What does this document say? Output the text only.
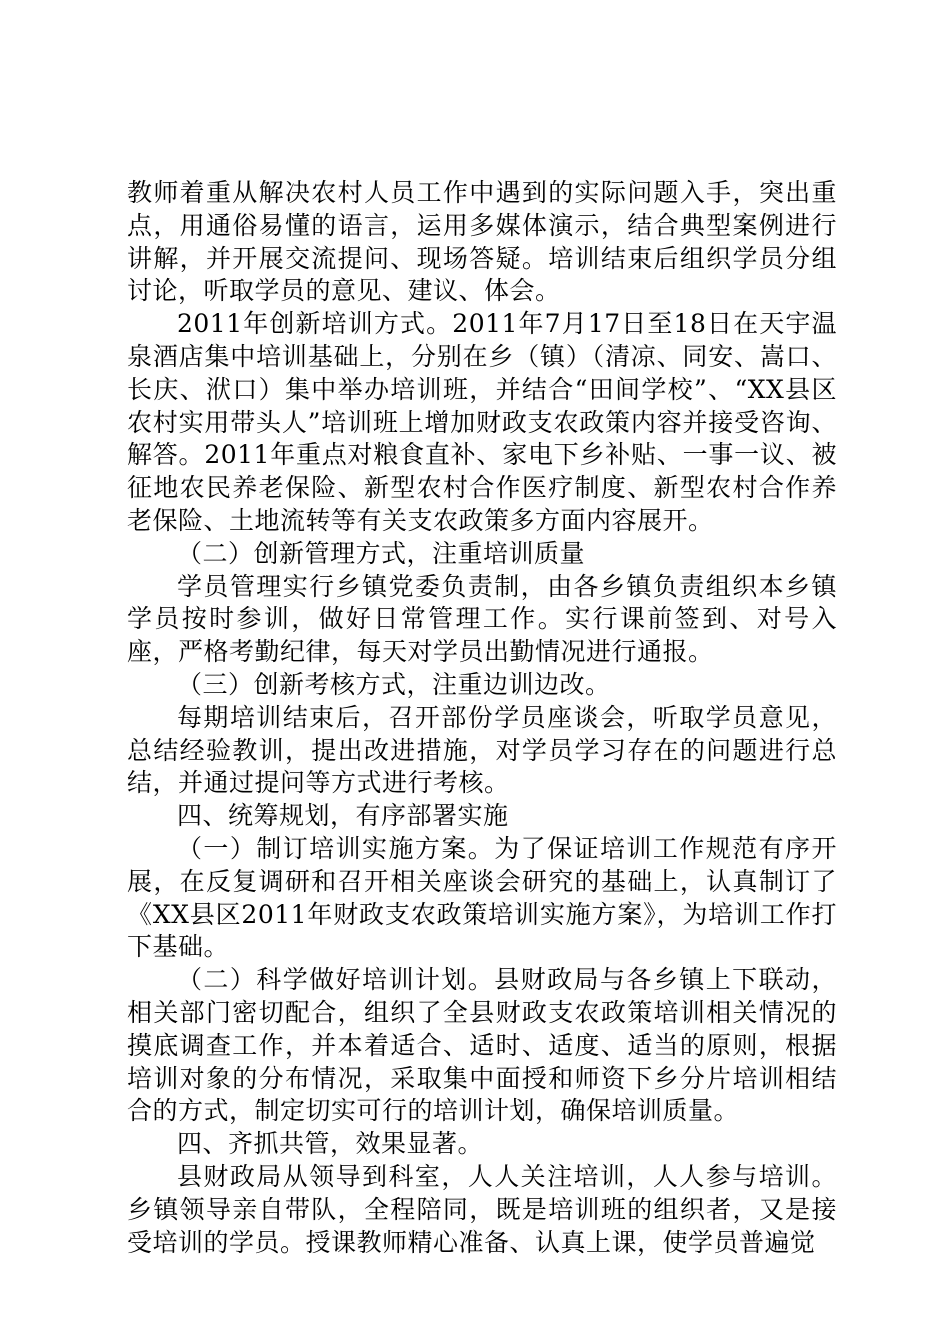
教师着重从解决农村人员工作中遇到的实际问题入手，突出重点，用通俗易懂的语言，运用多媒体演示，结合典型案例进行讲解，并开展交流提问、现场答疑。培训结束后组织学员分组讨论，听取学员的意见、建议、体会。

2011年创新培训方式。2011年7月17日至18日在天宇温泉酒店集中培训基础上，分别在乡（镇）（清凉、同安、嵩口、长庆、洑口）集中举办培训班，并结合“田间学校”、“XX县区农村实用带头人”培训班上增加财政支农政策内容并接受咨询、解答。2011年重点对粮食直补、家电下乡补贴、一事一议、被征地农民养老保险、新型农村合作医疗制度、新型农村合作养老保险、土地流转等有关支农政策多方面内容展开。

（二）创新管理方式，注重培训质量

学员管理实行乡镇党委负责制，由各乡镇负责组织本乡镇学员按时参训，做好日常管理工作。实行课前签到、对号入座，严格考勤纪律，每天对学员出勤情况进行通报。

（三）创新考核方式，注重边训边改。

每期培训结束后，召开部份学员座谈会，听取学员意见，总结经验教训，提出改进措施，对学员学习存在的问题进行总结，并通过提问等方式进行考核。

四、统筹规划，有序部署实施

（一）制订培训实施方案。为了保证培训工作规范有序开展，在反复调研和召开相关座谈会研究的基础上，认真制订了《XX县区2011年财政支农政策培训实施方案》，为培训工作打下基础。

（二）科学做好培训计划。县财政局与各乡镇上下联动，相关部门密切配合，组织了全县财政支农政策培训相关情况的摸底调查工作，并本着适合、适时、适度、适当的原则，根据培训对象的分布情况，采取集中面授和师资下乡分片培训相结合的方式，制定切实可行的培训计划，确保培训质量。

四、齐抓共管，效果显著。

县财政局从领导到科室，人人关注培训，人人参与培训。乡镇领导亲自带队，全程陪同，既是培训班的组织者，又是接受培训的学员。授课教师精心准备、认真上课，使学员普遍觉
